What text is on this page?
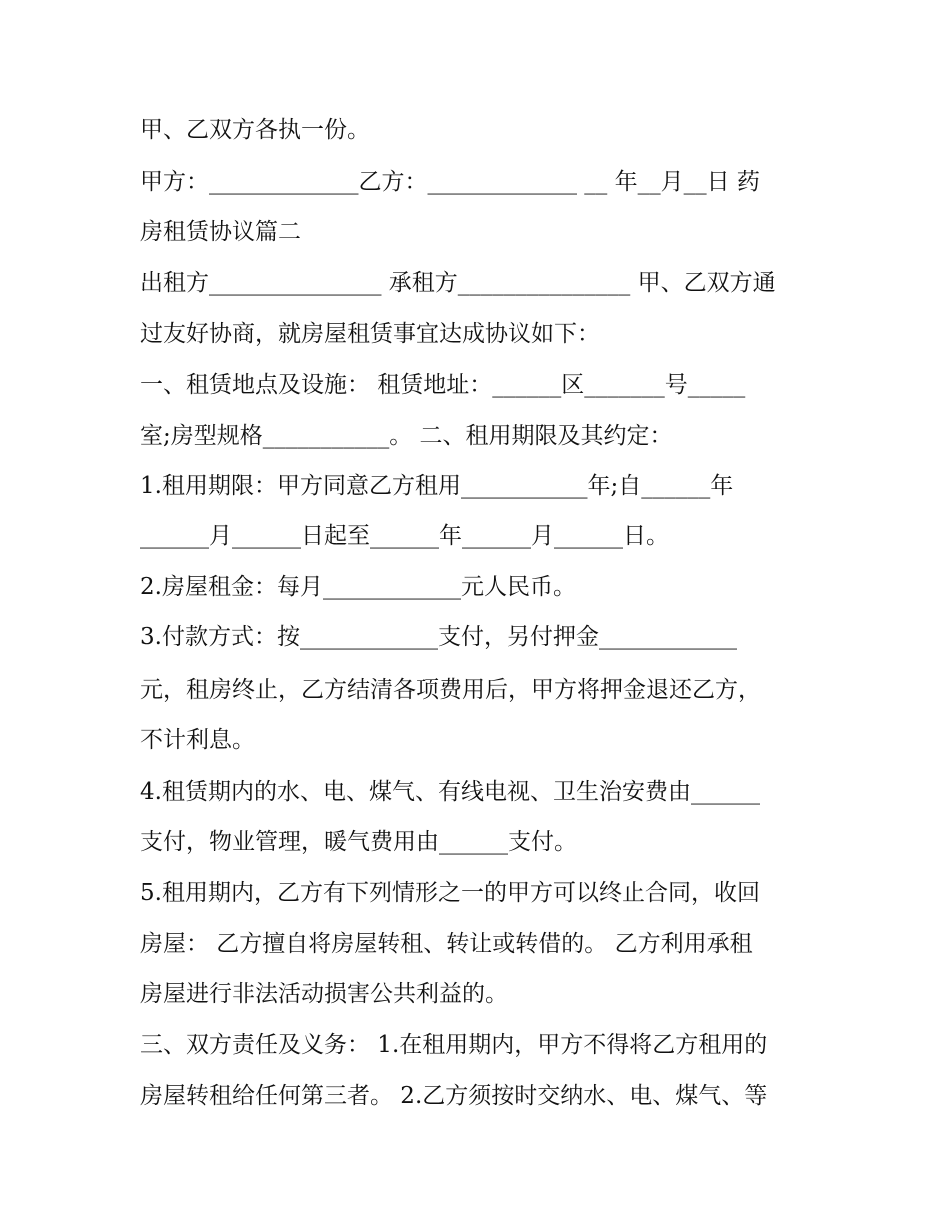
甲、乙双方各执一份。
甲方：_____________乙方：_____________ __ 年__月__日 药
房租赁协议篇二
出租方_______________ 承租方_______________ 甲、乙双方通
过友好协商，就房屋租赁事宜达成协议如下：
一、租赁地点及设施： 租赁地址：______区_______号_____
室;房型规格___________。 二、租用期限及其约定：
1.租用期限：甲方同意乙方租用___________年;自______年
______月______日起至______年______月______日。
2.房屋租金：每月____________元人民币。
3.付款方式：按____________支付，另付押金____________
元，租房终止，乙方结清各项费用后，甲方将押金退还乙方，
不计利息。
4.租赁期内的水、电、煤气、有线电视、卫生治安费由______
支付，物业管理，暖气费用由______支付。
5.租用期内，乙方有下列情形之一的甲方可以终止合同，收回
房屋： 乙方擅自将房屋转租、转让或转借的。 乙方利用承租
房屋进行非法活动损害公共利益的。
三、双方责任及义务： 1.在租用期内，甲方不得将乙方租用的
房屋转租给任何第三者。 2.乙方须按时交纳水、电、煤气、等
